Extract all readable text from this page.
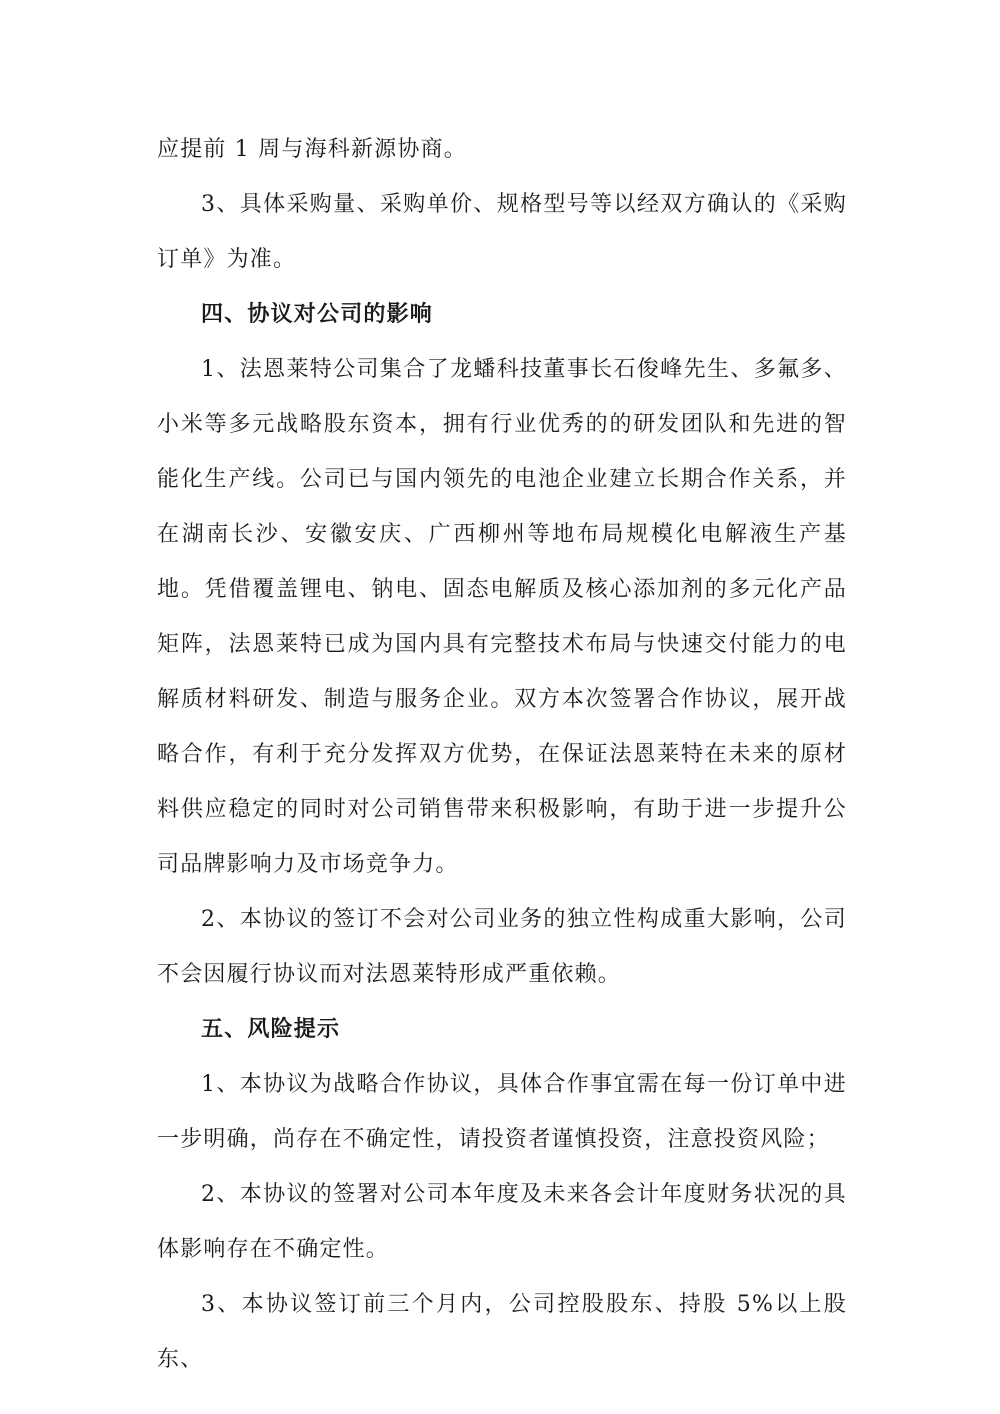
应提前 1 周与海科新源协商。

3、具体采购量、采购单价、规格型号等以经双方确认的《采购订单》为准。

四、协议对公司的影响

1、法恩莱特公司集合了龙蟠科技董事长石俊峰先生、多氟多、小米等多元战略股东资本，拥有行业优秀的的研发团队和先进的智能化生产线。公司已与国内领先的电池企业建立长期合作关系，并在湖南长沙、安徽安庆、广西柳州等地布局规模化电解液生产基地。凭借覆盖锂电、钠电、固态电解质及核心添加剂的多元化产品矩阵，法恩莱特已成为国内具有完整技术布局与快速交付能力的电解质材料研发、制造与服务企业。双方本次签署合作协议，展开战略合作，有利于充分发挥双方优势，在保证法恩莱特在未来的原材料供应稳定的同时对公司销售带来积极影响，有助于进一步提升公司品牌影响力及市场竞争力。

2、本协议的签订不会对公司业务的独立性构成重大影响，公司不会因履行协议而对法恩莱特形成严重依赖。

五、风险提示

1、本协议为战略合作协议，具体合作事宜需在每一份订单中进一步明确，尚存在不确定性，请投资者谨慎投资，注意投资风险；

2、本协议的签署对公司本年度及未来各会计年度财务状况的具体影响存在不确定性。

3、本协议签订前三个月内，公司控股股东、持股 5%以上股东、
